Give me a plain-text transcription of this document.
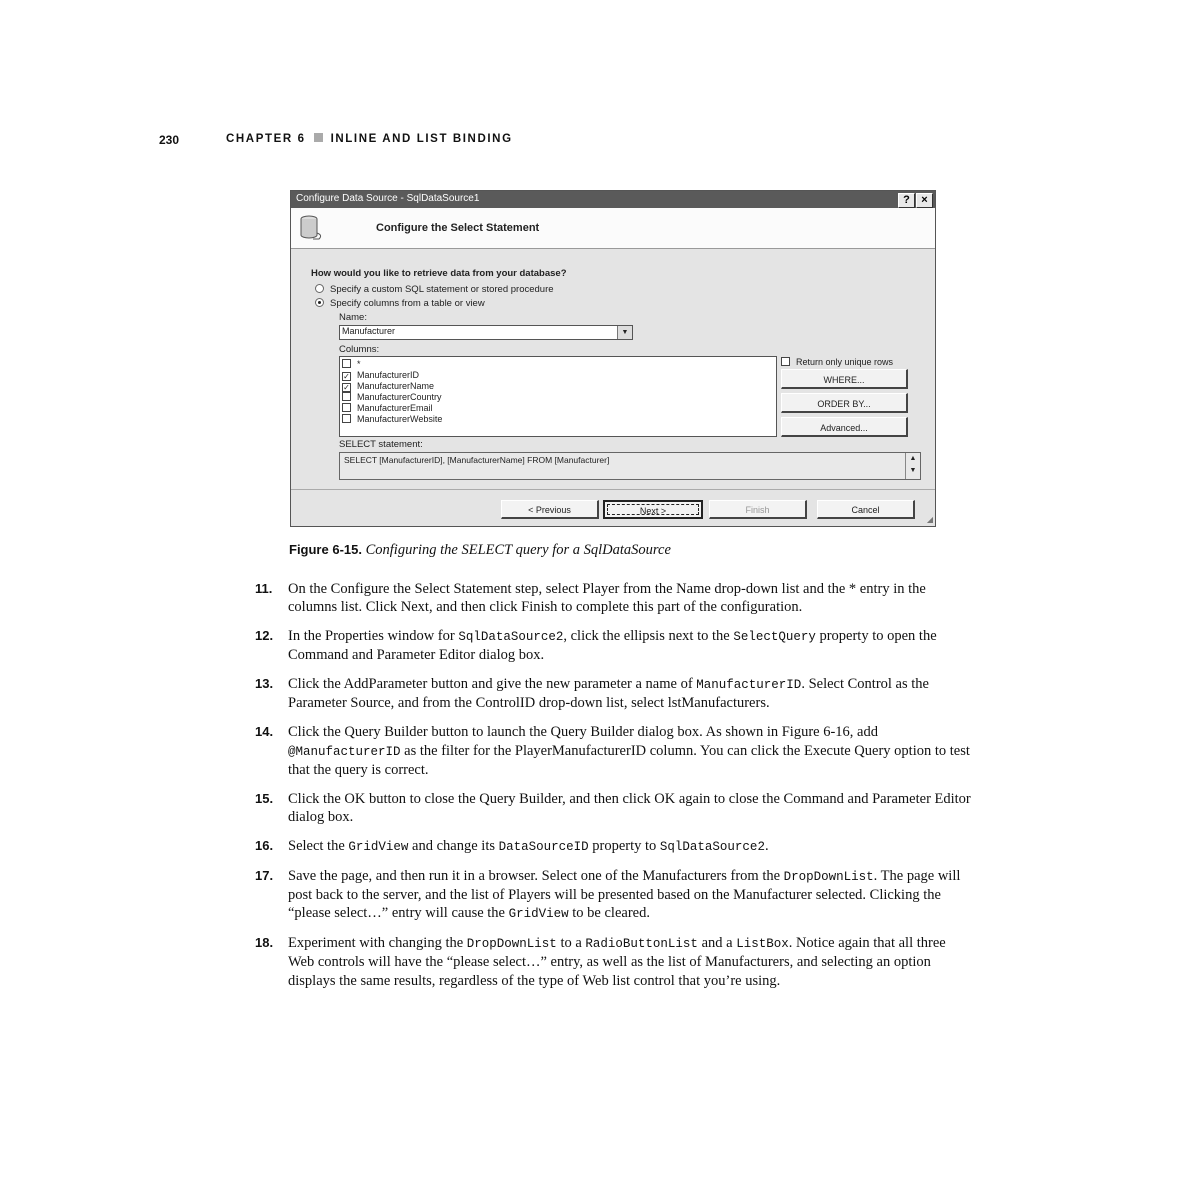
230	CHAPTER 6 INLINE AND LIST BINDING
Configure Data Source - SqlDataSource1	?	×
Configure the Select Statement
How would you like to retrieve data from your database?
Specify a custom SQL statement or stored procedure
Specify columns from a table or view
Name:
Manufacturer	▼
Columns:
*
✓ ManufacturerID
✓ ManufacturerName
ManufacturerCountry
ManufacturerEmail
ManufacturerWebsite
Return only unique rows
WHERE...
ORDER BY...
Advanced...
SELECT statement:
SELECT [ManufacturerID], [ManufacturerName] FROM [Manufacturer]	▲
▼
< Previous	Next >	Finish	Cancel
◢
Figure 6-15. Configuring the SELECT query for a SqlDataSource
11. On the Configure the Select Statement step, select Player from the Name drop-down list and the * entry in the columns list. Click Next, and then click Finish to complete this part of the configuration.
12. In the Properties window for SqlDataSource2, click the ellipsis next to the SelectQuery property to open the Command and Parameter Editor dialog box.
13. Click the AddParameter button and give the new parameter a name of ManufacturerID. Select Control as the Parameter Source, and from the ControlID drop-down list, select lstManufacturers.
14. Click the Query Builder button to launch the Query Builder dialog box. As shown in Figure 6-16, add @ManufacturerID as the filter for the PlayerManufacturerID column. You can click the Execute Query option to test that the query is correct.
15. Click the OK button to close the Query Builder, and then click OK again to close the Command and Parameter Editor dialog box.
16. Select the GridView and change its DataSourceID property to SqlDataSource2.
17. Save the page, and then run it in a browser. Select one of the Manufacturers from the DropDownList. The page will post back to the server, and the list of Players will be presented based on the Manufacturer selected. Clicking the “please select…” entry will cause the GridView to be cleared.
18. Experiment with changing the DropDownList to a RadioButtonList and a ListBox. Notice again that all three Web controls will have the “please select…” entry, as well as the list of Manufacturers, and selecting an option displays the same results, regardless of the type of Web list control that you’re using.
